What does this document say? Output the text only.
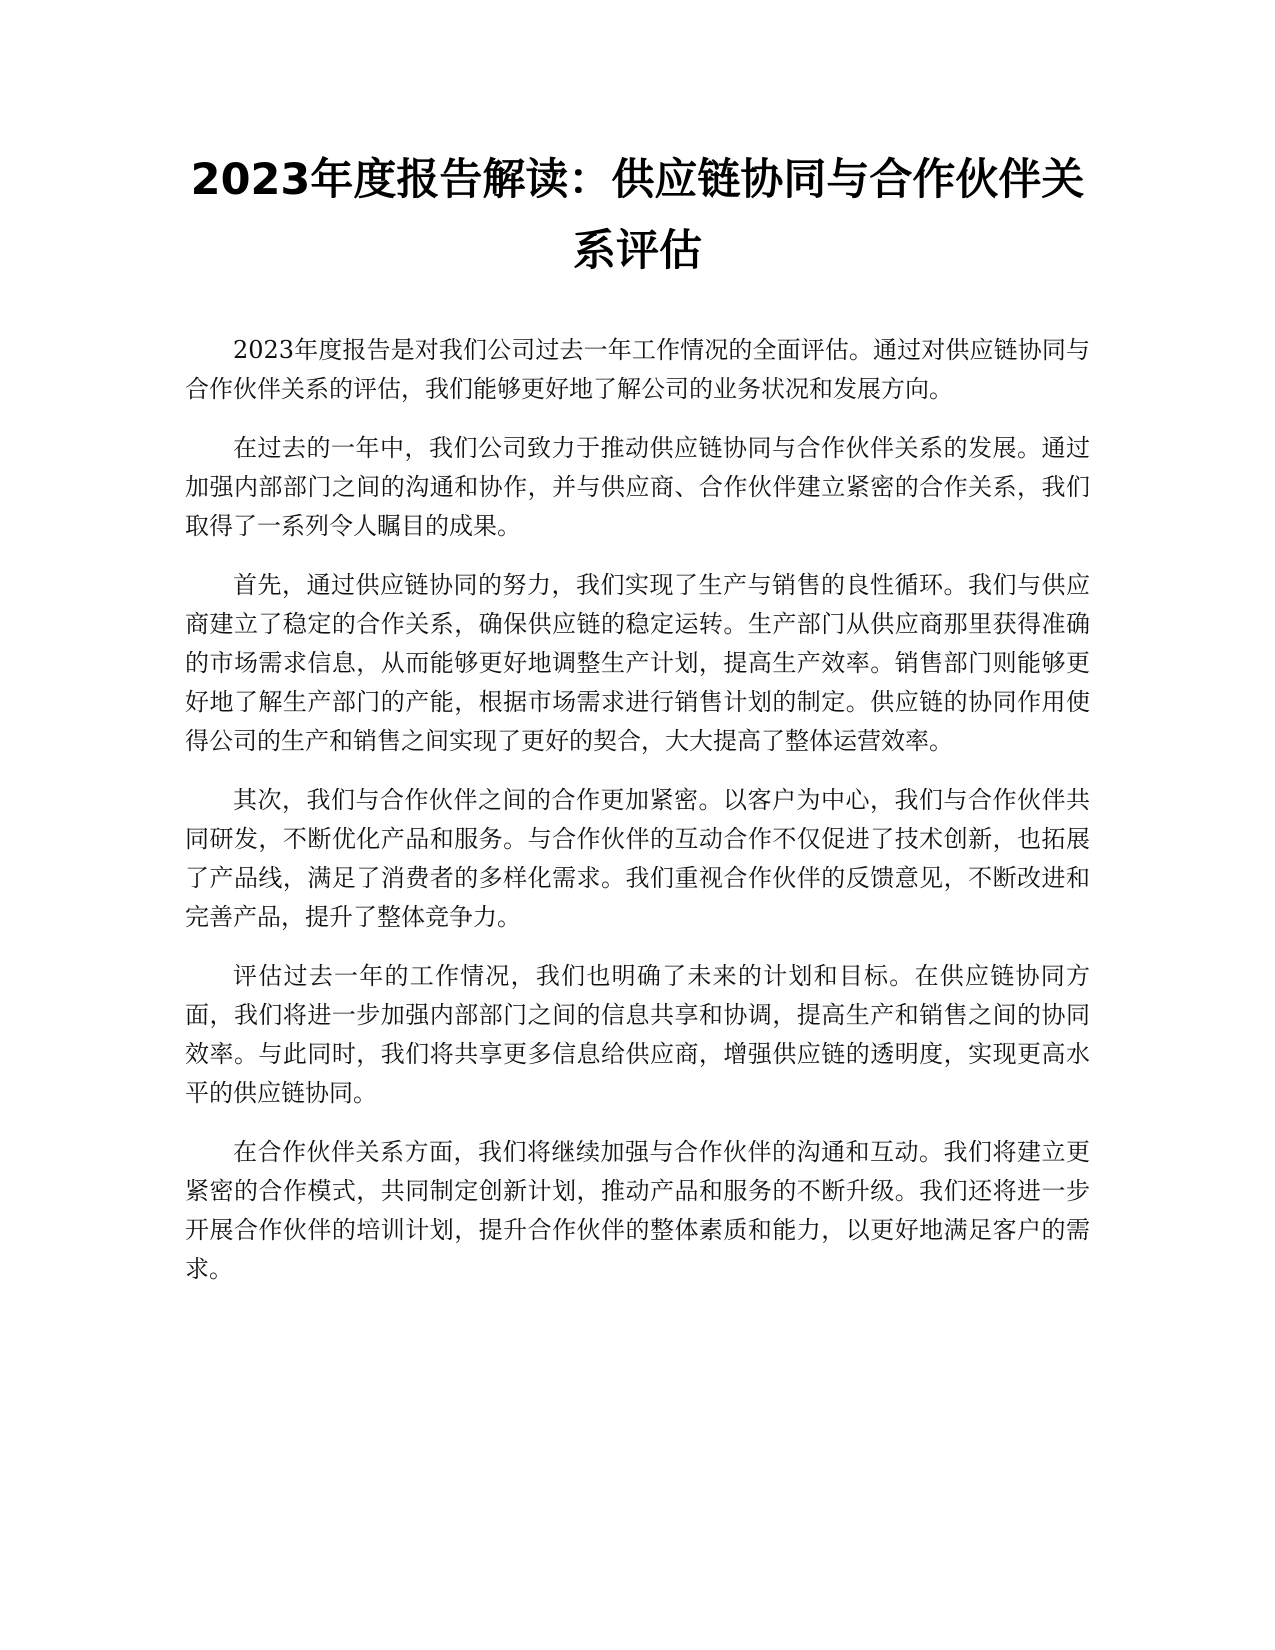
2023年度报告解读：供应链协同与合作伙伴关系评估

2023年度报告是对我们公司过去一年工作情况的全面评估。通过对供应链协同与合作伙伴关系的评估，我们能够更好地了解公司的业务状况和发展方向。

在过去的一年中，我们公司致力于推动供应链协同与合作伙伴关系的发展。通过加强内部部门之间的沟通和协作，并与供应商、合作伙伴建立紧密的合作关系，我们取得了一系列令人瞩目的成果。

首先，通过供应链协同的努力，我们实现了生产与销售的良性循环。我们与供应商建立了稳定的合作关系，确保供应链的稳定运转。生产部门从供应商那里获得准确的市场需求信息，从而能够更好地调整生产计划，提高生产效率。销售部门则能够更好地了解生产部门的产能，根据市场需求进行销售计划的制定。供应链的协同作用使得公司的生产和销售之间实现了更好的契合，大大提高了整体运营效率。

其次，我们与合作伙伴之间的合作更加紧密。以客户为中心，我们与合作伙伴共同研发，不断优化产品和服务。与合作伙伴的互动合作不仅促进了技术创新，也拓展了产品线，满足了消费者的多样化需求。我们重视合作伙伴的反馈意见，不断改进和完善产品，提升了整体竞争力。

评估过去一年的工作情况，我们也明确了未来的计划和目标。在供应链协同方面，我们将进一步加强内部部门之间的信息共享和协调，提高生产和销售之间的协同效率。与此同时，我们将共享更多信息给供应商，增强供应链的透明度，实现更高水平的供应链协同。

在合作伙伴关系方面，我们将继续加强与合作伙伴的沟通和互动。我们将建立更紧密的合作模式，共同制定创新计划，推动产品和服务的不断升级。我们还将进一步开展合作伙伴的培训计划，提升合作伙伴的整体素质和能力，以更好地满足客户的需求。
